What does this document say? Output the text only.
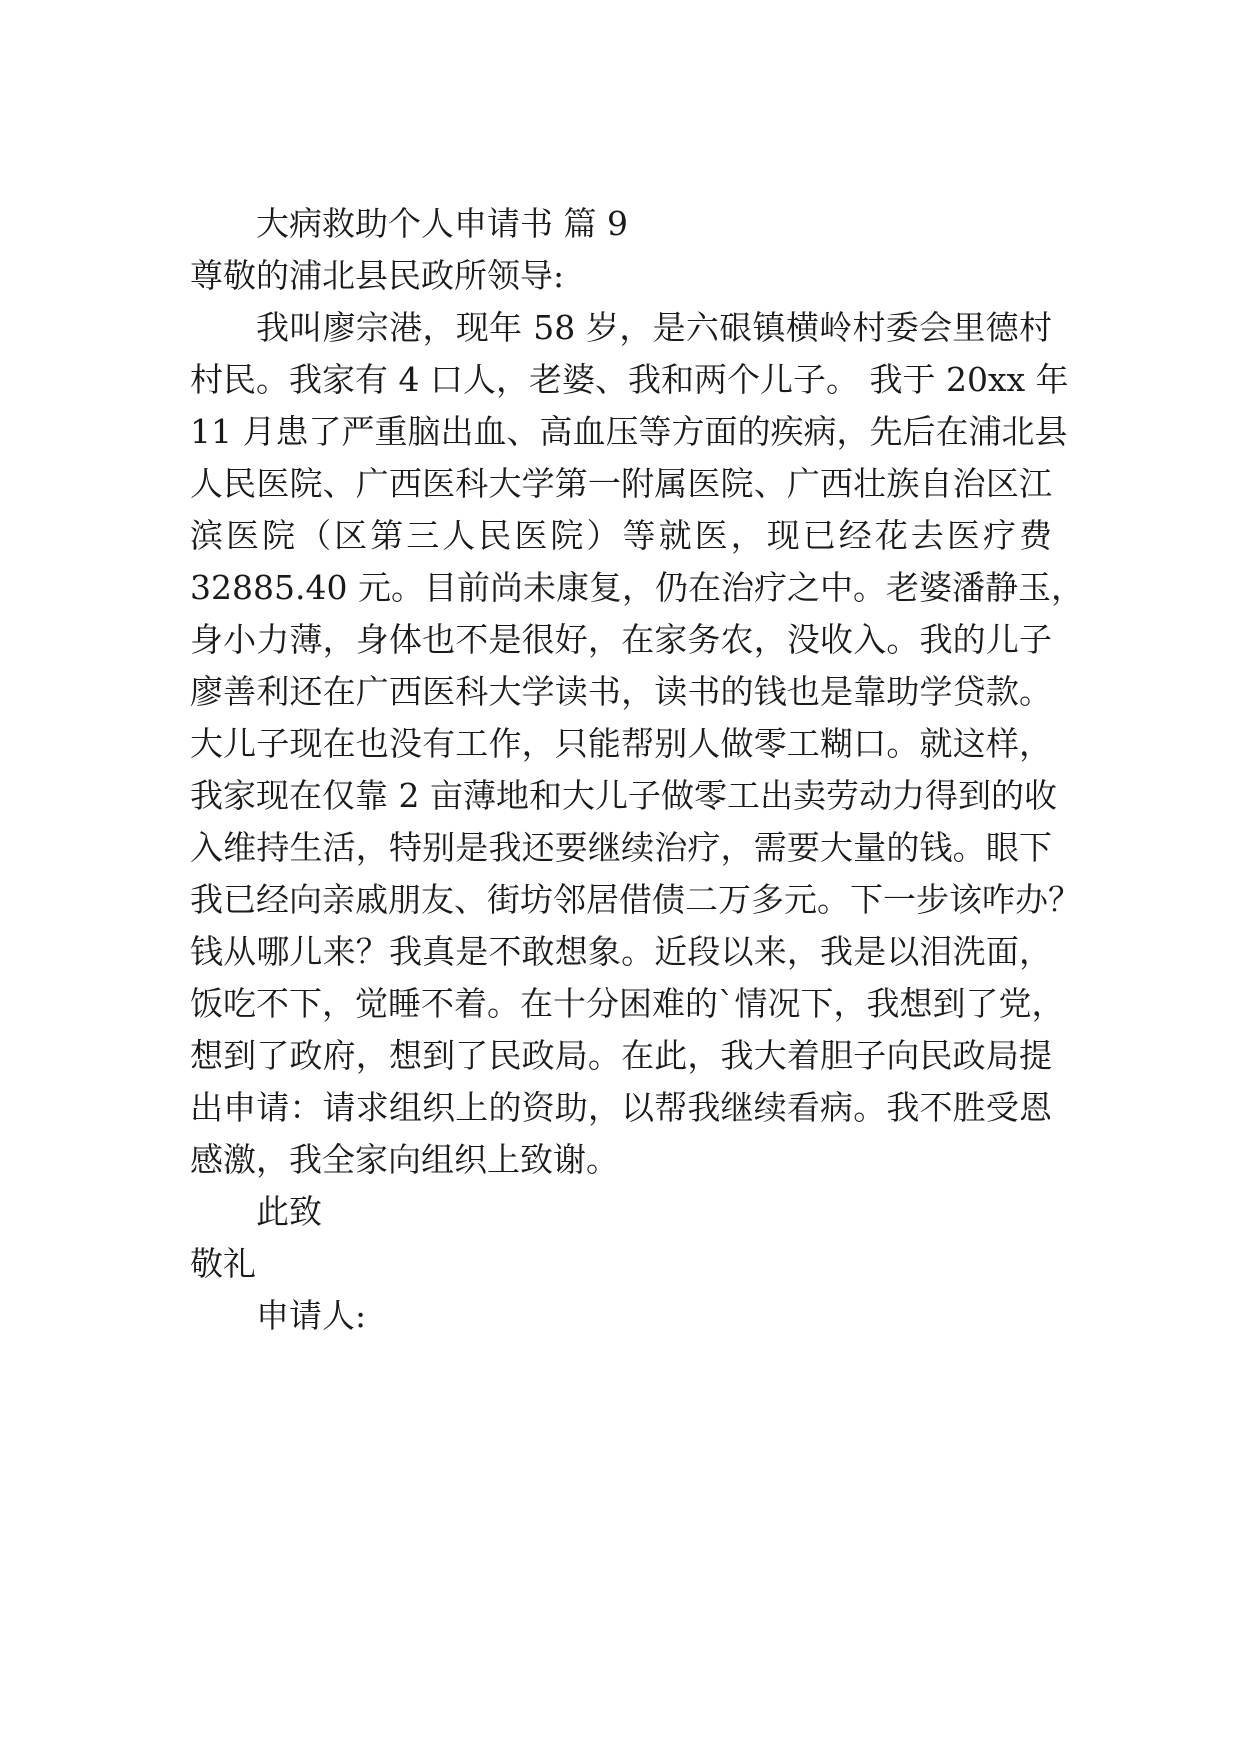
大病救助个人申请书 篇 9
尊敬的浦北县民政所领导:
我叫廖宗港，现年 58 岁，是六硍镇横岭村委会里德村
村民。我家有 4 口人，老婆、我和两个儿子。 我于 20xx 年
11 月患了严重脑出血、高血压等方面的疾病，先后在浦北县
人民医院、广西医科大学第一附属医院、广西壮族自治区江
滨医院（区第三人民医院）等就医，现已经花去医疗费
32885.40 元。目前尚未康复，仍在治疗之中。老婆潘静玉，
身小力薄，身体也不是很好，在家务农，没收入。我的儿子
廖善利还在广西医科大学读书，读书的钱也是靠助学贷款。
大儿子现在也没有工作，只能帮别人做零工糊口。就这样，
我家现在仅靠 2 亩薄地和大儿子做零工出卖劳动力得到的收
入维持生活，特别是我还要继续治疗，需要大量的钱。眼下
我已经向亲戚朋友、街坊邻居借债二万多元。下一步该咋办？
钱从哪儿来？我真是不敢想象。近段以来，我是以泪洗面，
饭吃不下，觉睡不着。在十分困难的`情况下，我想到了党，
想到了政府，想到了民政局。在此，我大着胆子向民政局提
出申请：请求组织上的资助，以帮我继续看病。我不胜受恩
感激，我全家向组织上致谢。
此致
敬礼
申请人:
